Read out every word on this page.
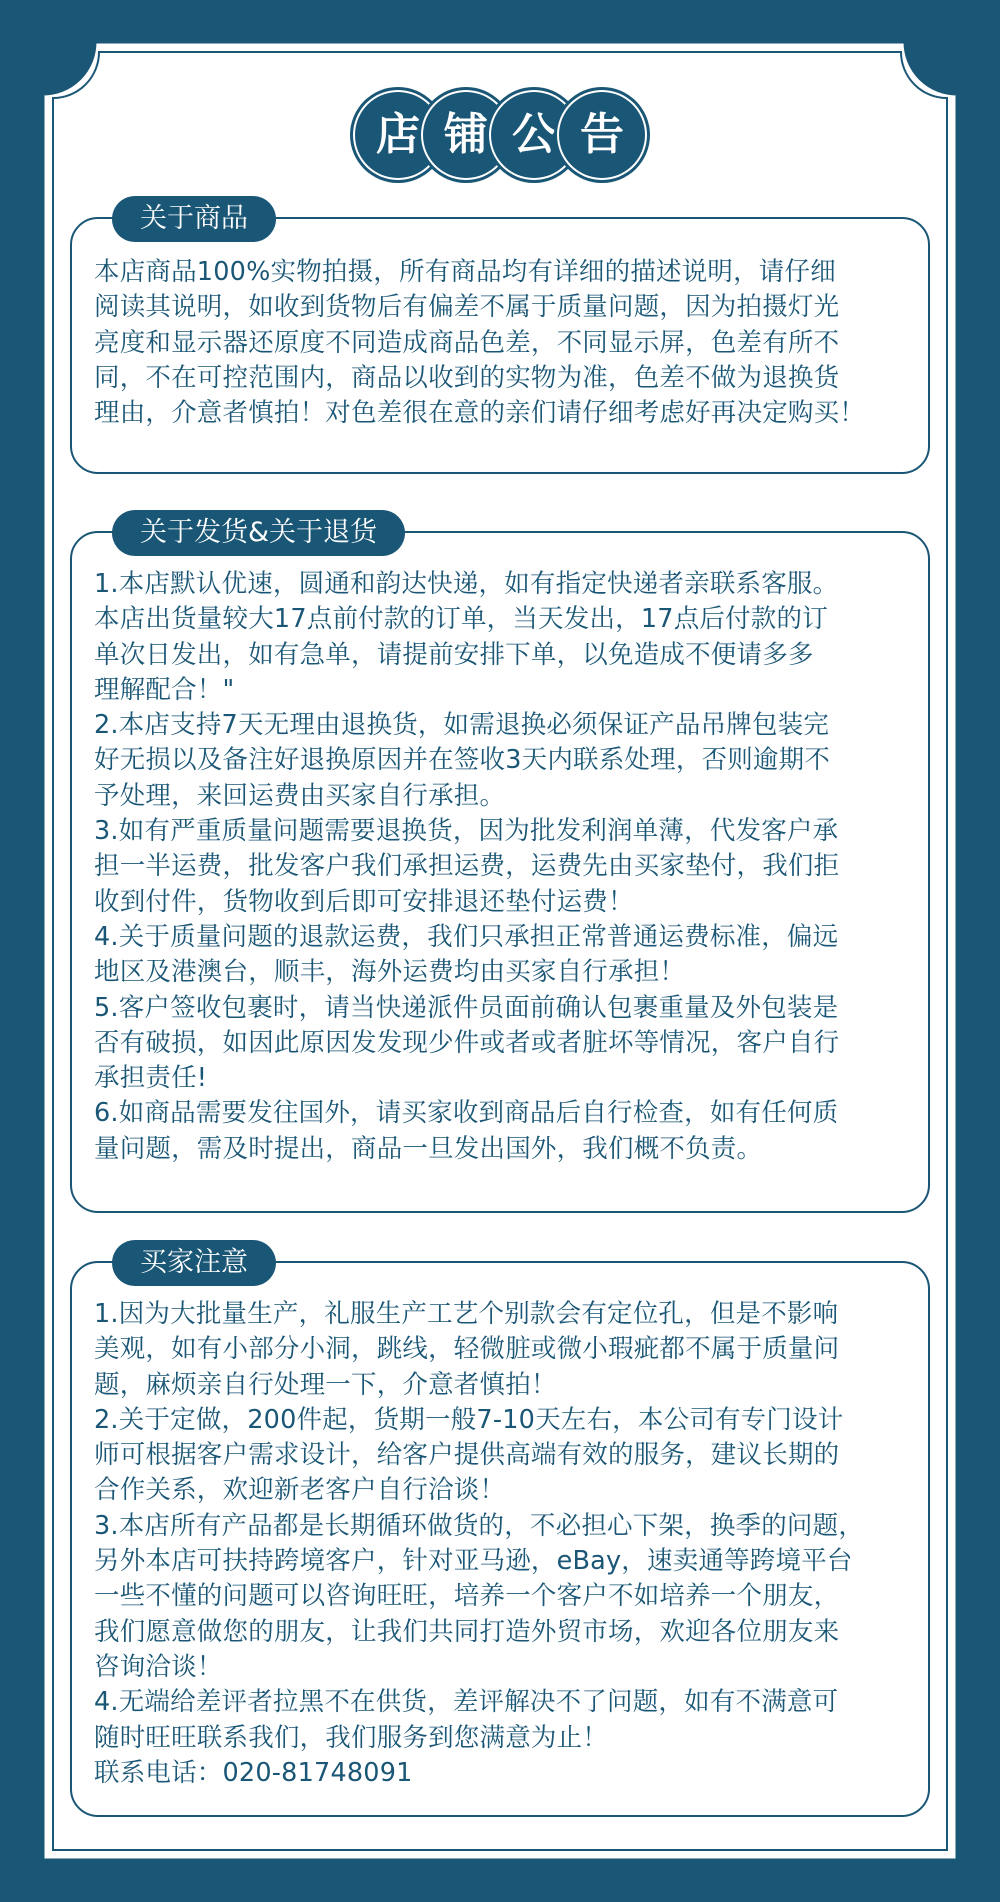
店 铺 公 告
关于商品
本店商品100%实物拍摄，所有商品均有详细的描述说明，请仔细
阅读其说明，如收到货物后有偏差不属于质量问题，因为拍摄灯光
亮度和显示器还原度不同造成商品色差，不同显示屏，色差有所不
同，不在可控范围内，商品以收到的实物为准，色差不做为退换货
理由，介意者慎拍！对色差很在意的亲们请仔细考虑好再决定购买！
关于发货&关于退货
1.本店默认优速，圆通和韵达快递，如有指定快递者亲联系客服。
本店出货量较大17点前付款的订单，当天发出，17点后付款的订
单次日发出，如有急单，请提前安排下单，以免造成不便请多多
理解配合！"
2.本店支持7天无理由退换货，如需退换必须保证产品吊牌包装完
好无损以及备注好退换原因并在签收3天内联系处理，否则逾期不
予处理，来回运费由买家自行承担。
3.如有严重质量问题需要退换货，因为批发利润单薄，代发客户承
担一半运费，批发客户我们承担运费，运费先由买家垫付，我们拒
收到付件，货物收到后即可安排退还垫付运费！
4.关于质量问题的退款运费，我们只承担正常普通运费标准，偏远
地区及港澳台，顺丰，海外运费均由买家自行承担！
5.客户签收包裹时，请当快递派件员面前确认包裹重量及外包装是
否有破损，如因此原因发发现少件或者或者脏坏等情况，客户自行
承担责任!
6.如商品需要发往国外，请买家收到商品后自行检查，如有任何质
量问题，需及时提出，商品一旦发出国外，我们概不负责。
买家注意
1.因为大批量生产，礼服生产工艺个别款会有定位孔，但是不影响
美观，如有小部分小洞，跳线，轻微脏或微小瑕疵都不属于质量问
题，麻烦亲自行处理一下，介意者慎拍！
2.关于定做，200件起，货期一般7-10天左右，本公司有专门设计
师可根据客户需求设计，给客户提供高端有效的服务，建议长期的
合作关系，欢迎新老客户自行洽谈！
3.本店所有产品都是长期循环做货的，不必担心下架，换季的问题，
另外本店可扶持跨境客户，针对亚马逊，eBay，速卖通等跨境平台
一些不懂的问题可以咨询旺旺，培养一个客户不如培养一个朋友，
我们愿意做您的朋友，让我们共同打造外贸市场，欢迎各位朋友来
咨询洽谈！
4.无端给差评者拉黑不在供货，差评解决不了问题，如有不满意可
随时旺旺联系我们，我们服务到您满意为止！
联系电话：020-81748091
